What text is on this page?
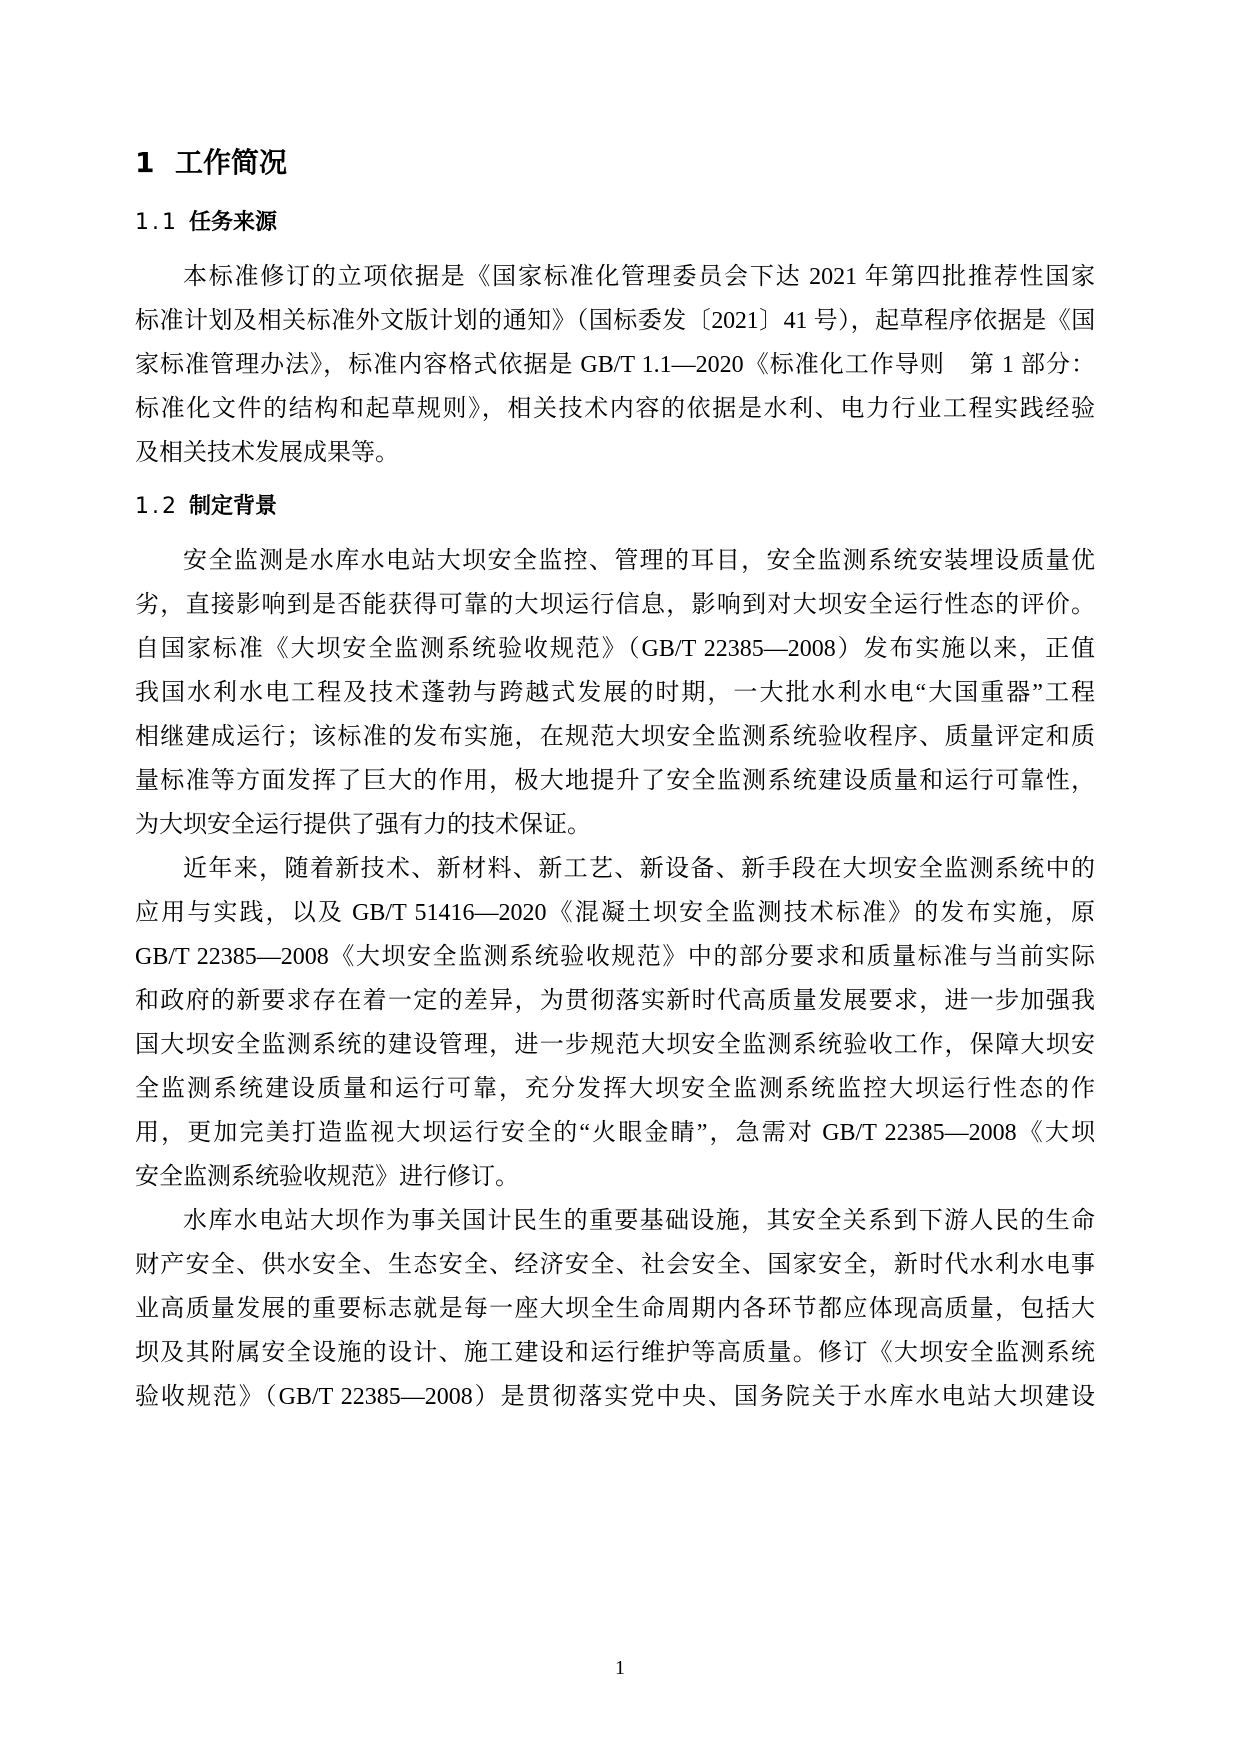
1 工作简况
1.1 任务来源
本标准修订的立项依据是《国家标准化管理委员会下达 2021 年第四批推荐性国家
标准计划及相关标准外文版计划的通知》（国标委发〔2021〕41 号），起草程序依据是《国
家标准管理办法》，标准内容格式依据是 GB/T 1.1—2020《标准化工作导则　第 1 部分：
标准化文件的结构和起草规则》，相关技术内容的依据是水利、电力行业工程实践经验
及相关技术发展成果等。
1.2 制定背景
安全监测是水库水电站大坝安全监控、管理的耳目，安全监测系统安装埋设质量优
劣，直接影响到是否能获得可靠的大坝运行信息，影响到对大坝安全运行性态的评价。
自国家标准《大坝安全监测系统验收规范》（GB/T 22385—2008）发布实施以来，正值
我国水利水电工程及技术蓬勃与跨越式发展的时期，一大批水利水电“大国重器”工程
相继建成运行；该标准的发布实施，在规范大坝安全监测系统验收程序、质量评定和质
量标准等方面发挥了巨大的作用，极大地提升了安全监测系统建设质量和运行可靠性，
为大坝安全运行提供了强有力的技术保证。
近年来，随着新技术、新材料、新工艺、新设备、新手段在大坝安全监测系统中的
应用与实践，以及 GB/T 51416—2020《混凝土坝安全监测技术标准》的发布实施，原
GB/T 22385—2008《大坝安全监测系统验收规范》中的部分要求和质量标准与当前实际
和政府的新要求存在着一定的差异，为贯彻落实新时代高质量发展要求，进一步加强我
国大坝安全监测系统的建设管理，进一步规范大坝安全监测系统验收工作，保障大坝安
全监测系统建设质量和运行可靠，充分发挥大坝安全监测系统监控大坝运行性态的作
用，更加完美打造监视大坝运行安全的“火眼金睛”，急需对 GB/T 22385—2008《大坝
安全监测系统验收规范》进行修订。
水库水电站大坝作为事关国计民生的重要基础设施，其安全关系到下游人民的生命
财产安全、供水安全、生态安全、经济安全、社会安全、国家安全，新时代水利水电事
业高质量发展的重要标志就是每一座大坝全生命周期内各环节都应体现高质量，包括大
坝及其附属安全设施的设计、施工建设和运行维护等高质量。修订《大坝安全监测系统
验收规范》（GB/T 22385—2008）是贯彻落实党中央、国务院关于水库水电站大坝建设
1
